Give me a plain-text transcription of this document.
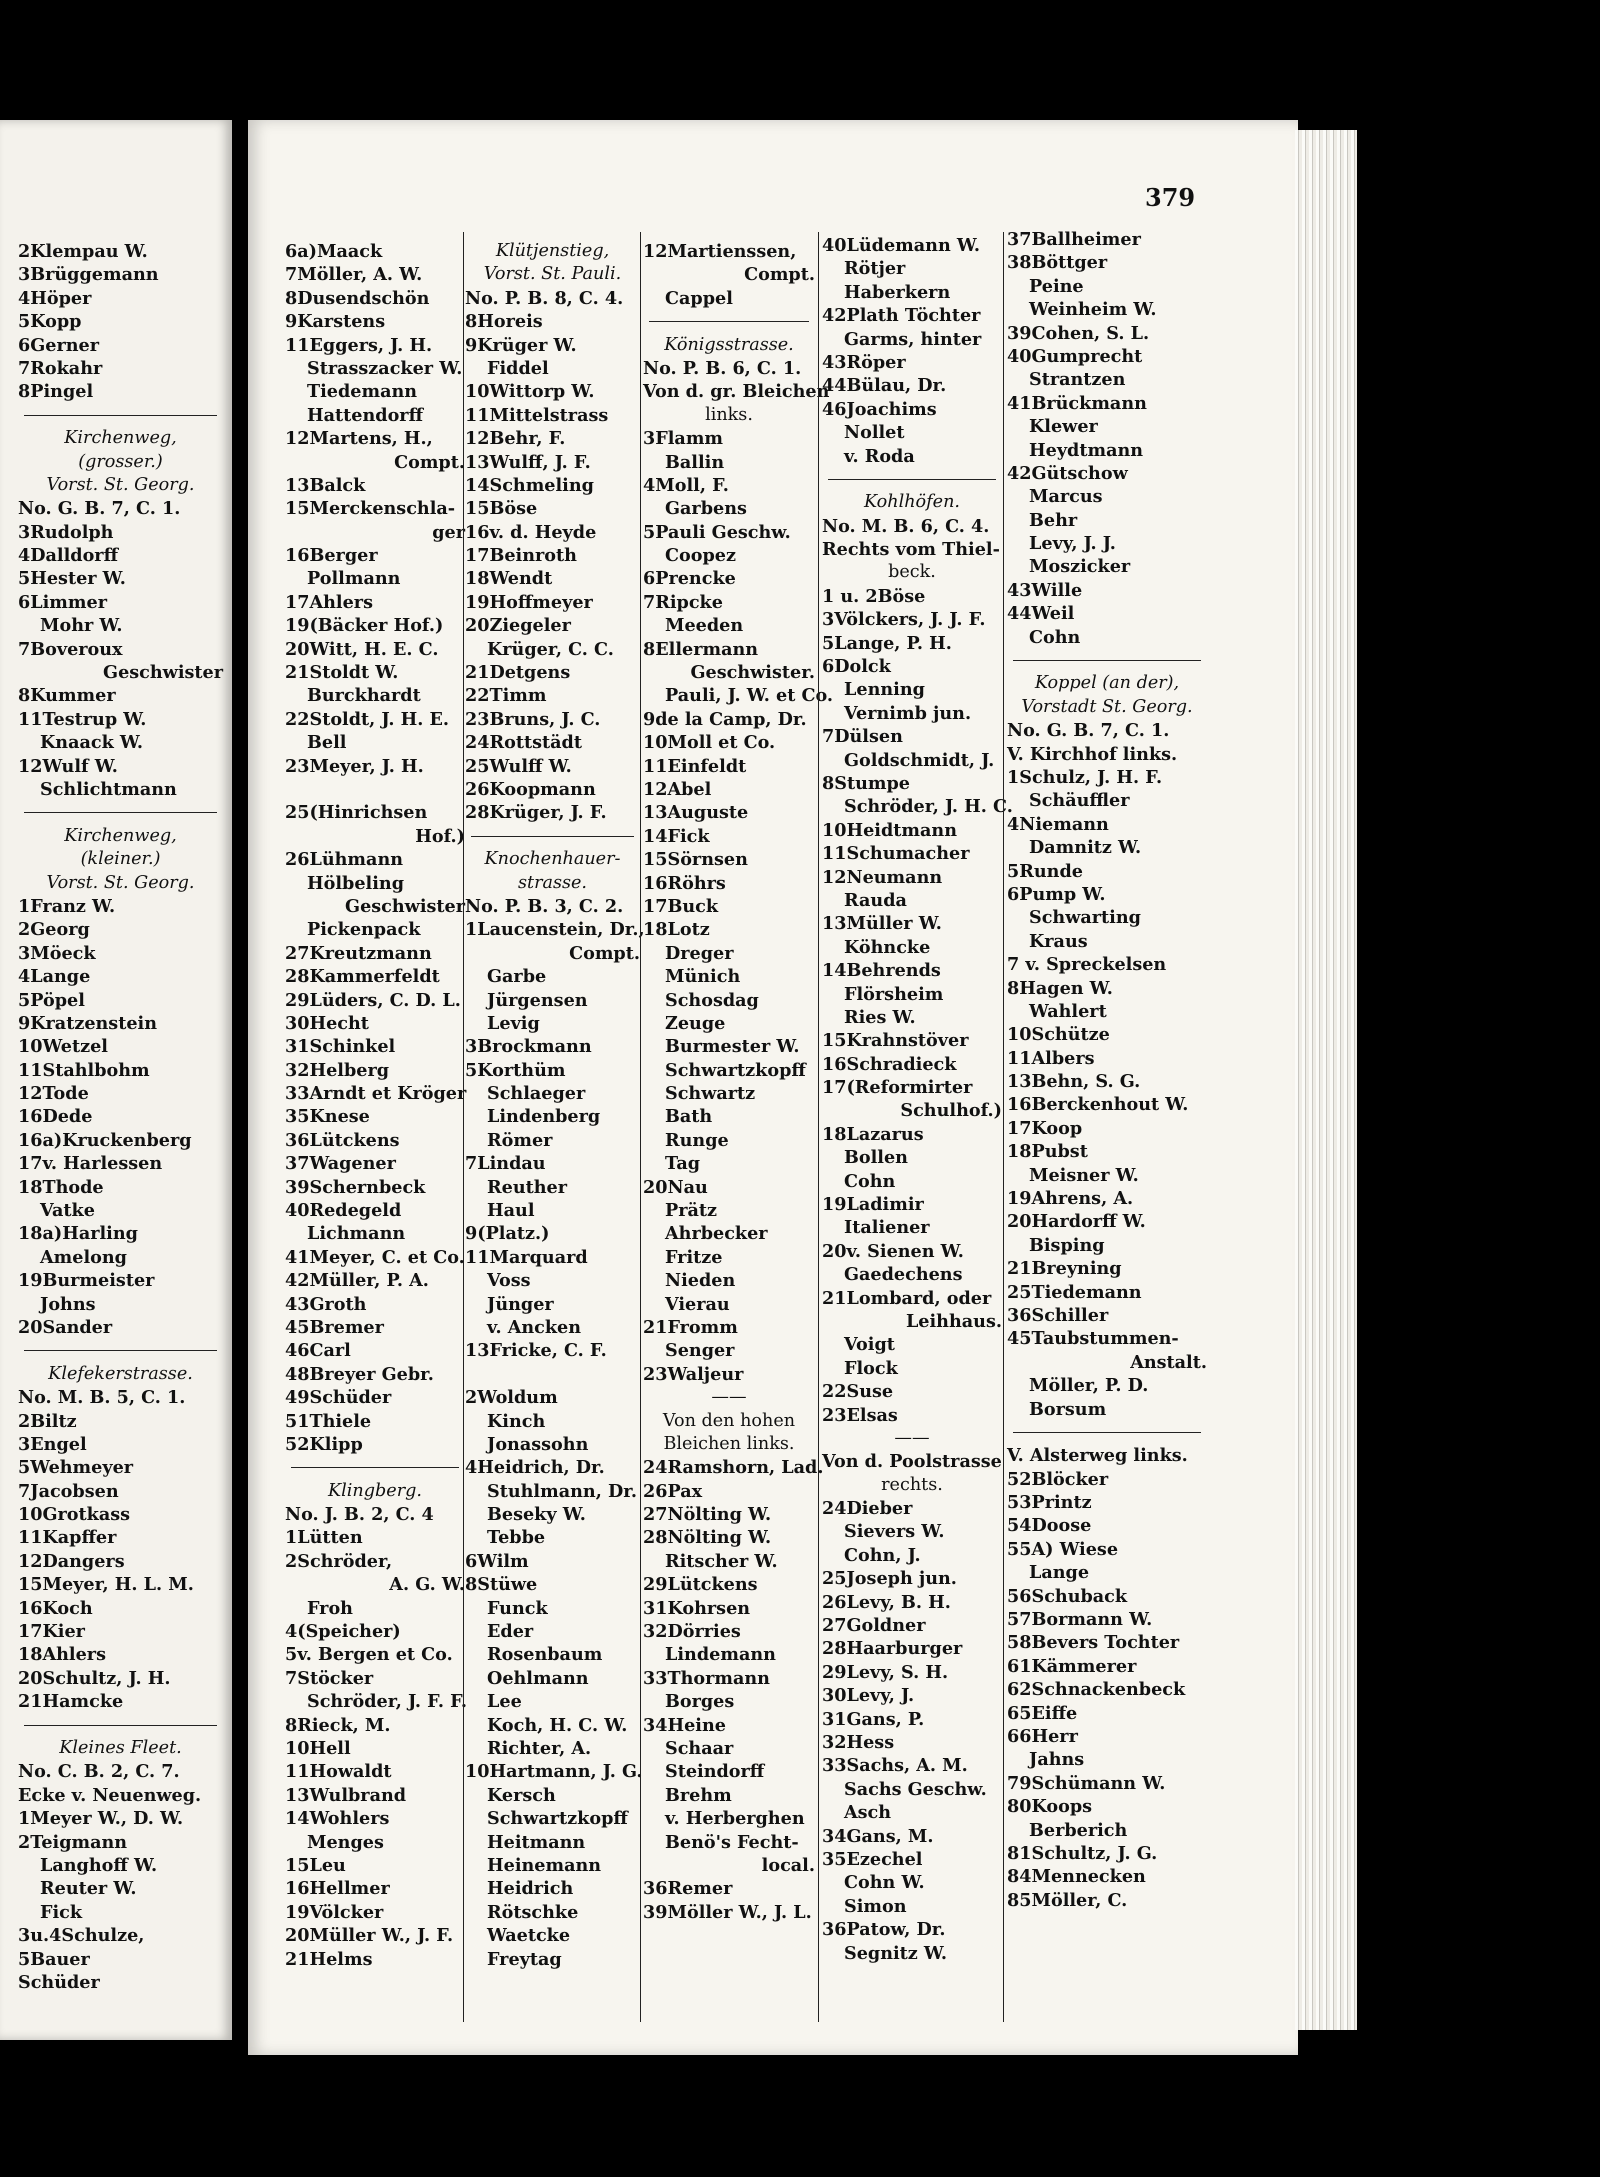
379
2Klempau W.
3Brüggemann
4Höper
5Kopp
6Gerner
7Rokahr
8Pingel
Kirchenweg,
(grosser.)
Vorst. St. Georg.
No. G. B. 7, C. 1.
3Rudolph
4Dalldorff
5Hester W.
6Limmer
Mohr W.
7Boveroux
Geschwister
8Kummer
11Testrup W.
Knaack W.
12Wulf W.
Schlichtmann
Kirchenweg,
(kleiner.)
Vorst. St. Georg.
1Franz W.
2Georg
3Möeck
4Lange
5Pöpel
9Kratzenstein
10Wetzel
11Stahlbohm
12Tode
16Dede
16a)Kruckenberg
17v. Harlessen
18Thode
Vatke
18a)Harling
Amelong
19Burmeister
Johns
20Sander
Klefekerstrasse.
No. M. B. 5, C. 1.
2Biltz
3Engel
5Wehmeyer
7Jacobsen
10Grotkass
11Kapffer
12Dangers
15Meyer, H. L. M.
16Koch
17Kier
18Ahlers
20Schultz, J. H.
21Hamcke
Kleines Fleet.
No. C. B. 2, C. 7.
Ecke v. Neuenweg.
1Meyer W., D. W.
2Teigmann
Langhoff W.
Reuter W.
Fick
3u.4Schulze,
5Bauer
Schüder
6a)Maack
7Möller, A. W.
8Dusendschön
9Karstens
11Eggers, J. H.
Strasszacker W.
Tiedemann
Hattendorff
12Martens, H.,
Compt.
13Balck
15Merckenschla-
ger
16Berger
Pollmann
17Ahlers
19(Bäcker Hof.)
20Witt, H. E. C.
21Stoldt W.
Burckhardt
22Stoldt, J. H. E.
Bell
23Meyer, J. H.
25(Hinrichsen
Hof.)
26Lühmann
Hölbeling
Geschwister
Pickenpack
27Kreutzmann
28Kammerfeldt
29Lüders, C. D. L.
30Hecht
31Schinkel
32Helberg
33Arndt et Kröger
35Knese
36Lütckens
37Wagener
39Schernbeck
40Redegeld
Lichmann
41Meyer, C. et Co.
42Müller, P. A.
43Groth
45Bremer
46Carl
48Breyer Gebr.
49Schüder
51Thiele
52Klipp
Klingberg.
No. J. B. 2, C. 4
1Lütten
2Schröder,
A. G. W.
Froh
4(Speicher)
5v. Bergen et Co.
7Stöcker
Schröder, J. F. F.
8Rieck, M.
10Hell
11Howaldt
13Wulbrand
14Wohlers
Menges
15Leu
16Hellmer
19Völcker
20Müller W., J. F.
21Helms
Klütjenstieg,
Vorst. St. Pauli.
No. P. B. 8, C. 4.
8Horeis
9Krüger W.
Fiddel
10Wittorp W.
11Mittelstrass
12Behr, F.
13Wulff, J. F.
14Schmeling
15Böse
16v. d. Heyde
17Beinroth
18Wendt
19Hoffmeyer
20Ziegeler
Krüger, C. C.
21Detgens
22Timm
23Bruns, J. C.
24Rottstädt
25Wulff W.
26Koopmann
28Krüger, J. F.
Knochenhauer-
strasse.
No. P. B. 3, C. 2.
1Laucenstein, Dr.,
Compt.
Garbe
Jürgensen
Levig
3Brockmann
5Korthüm
Schlaeger
Lindenberg
Römer
7Lindau
Reuther
Haul
9(Platz.)
11Marquard
Voss
Jünger
v. Ancken
13Fricke, C. F.
2Woldum
Kinch
Jonassohn
4Heidrich, Dr.
Stuhlmann, Dr.
Beseky W.
Tebbe
6Wilm
8Stüwe
Funck
Eder
Rosenbaum
Oehlmann
Lee
Koch, H. C. W.
Richter, A.
10Hartmann, J. G.
Kersch
Schwartzkopff
Heitmann
Heinemann
Heidrich
Rötschke
Waetcke
Freytag
12Martienssen,
Compt.
Cappel
Königsstrasse.
No. P. B. 6, C. 1.
Von d. gr. Bleichen
links.
3Flamm
Ballin
4Moll, F.
Garbens
5Pauli Geschw.
Coopez
6Prencke
7Ripcke
Meeden
8Ellermann
Geschwister.
Pauli, J. W. et Co.
9de la Camp, Dr.
10Moll et Co.
11Einfeldt
12Abel
13Auguste
14Fick
15Sörnsen
16Röhrs
17Buck
18Lotz
Dreger
Münich
Schosdag
Zeuge
Burmester W.
Schwartzkopff
Schwartz
Bath
Runge
Tag
20Nau
Prätz
Ahrbecker
Fritze
Nieden
Vierau
21Fromm
Senger
23Waljeur
——
Von den hohen
Bleichen links.
24Ramshorn, Lad.
26Pax
27Nölting W.
28Nölting W.
Ritscher W.
29Lütckens
31Kohrsen
32Dörries
Lindemann
33Thormann
Borges
34Heine
Schaar
Steindorff
Brehm
v. Herberghen
Benö's Fecht-
local.
36Remer
39Möller W., J. L.
40Lüdemann W.
Rötjer
Haberkern
42Plath Töchter
Garms, hinter
43Röper
44Bülau, Dr.
46Joachims
Nollet
v. Roda
Kohlhöfen.
No. M. B. 6, C. 4.
Rechts vom Thiel-
beck.
1 u. 2Böse
3Völckers, J. J. F.
5Lange, P. H.
6Dolck
Lenning
Vernimb jun.
7Dülsen
Goldschmidt, J.
8Stumpe
Schröder, J. H. C.
10Heidtmann
11Schumacher
12Neumann
Rauda
13Müller W.
Köhncke
14Behrends
Flörsheim
Ries W.
15Krahnstöver
16Schradieck
17(Reformirter
Schulhof.)
18Lazarus
Bollen
Cohn
19Ladimir
Italiener
20v. Sienen W.
Gaedechens
21Lombard, oder
Leihhaus.
Voigt
Flock
22Suse
23Elsas
——
Von d. Poolstrasse
rechts.
24Dieber
Sievers W.
Cohn, J.
25Joseph jun.
26Levy, B. H.
27Goldner
28Haarburger
29Levy, S. H.
30Levy, J.
31Gans, P.
32Hess
33Sachs, A. M.
Sachs Geschw.
Asch
34Gans, M.
35Ezechel
Cohn W.
Simon
36Patow, Dr.
Segnitz W.
37Ballheimer
38Böttger
Peine
Weinheim W.
39Cohen, S. L.
40Gumprecht
Strantzen
41Brückmann
Klewer
Heydtmann
42Gütschow
Marcus
Behr
Levy, J. J.
Moszicker
43Wille
44Weil
Cohn
Koppel (an der),
Vorstadt St. Georg.
No. G. B. 7, C. 1.
V. Kirchhof links.
1Schulz, J. H. F.
Schäuffler
4Niemann
Damnitz W.
5Runde
6Pump W.
Schwarting
Kraus
7 v. Spreckelsen
8Hagen W.
Wahlert
10Schütze
11Albers
13Behn, S. G.
16Berckenhout W.
17Koop
18Pubst
Meisner W.
19Ahrens, A.
20Hardorff W.
Bisping
21Breyning
25Tiedemann
36Schiller
45Taubstummen-
Anstalt.
Möller, P. D.
Borsum
V. Alsterweg links.
52Blöcker
53Printz
54Doose
55A) Wiese
Lange
56Schuback
57Bormann W.
58Bevers Tochter
61Kämmerer
62Schnackenbeck
65Eiffe
66Herr
Jahns
79Schümann W.
80Koops
Berberich
81Schultz, J. G.
84Mennecken
85Möller, C.
